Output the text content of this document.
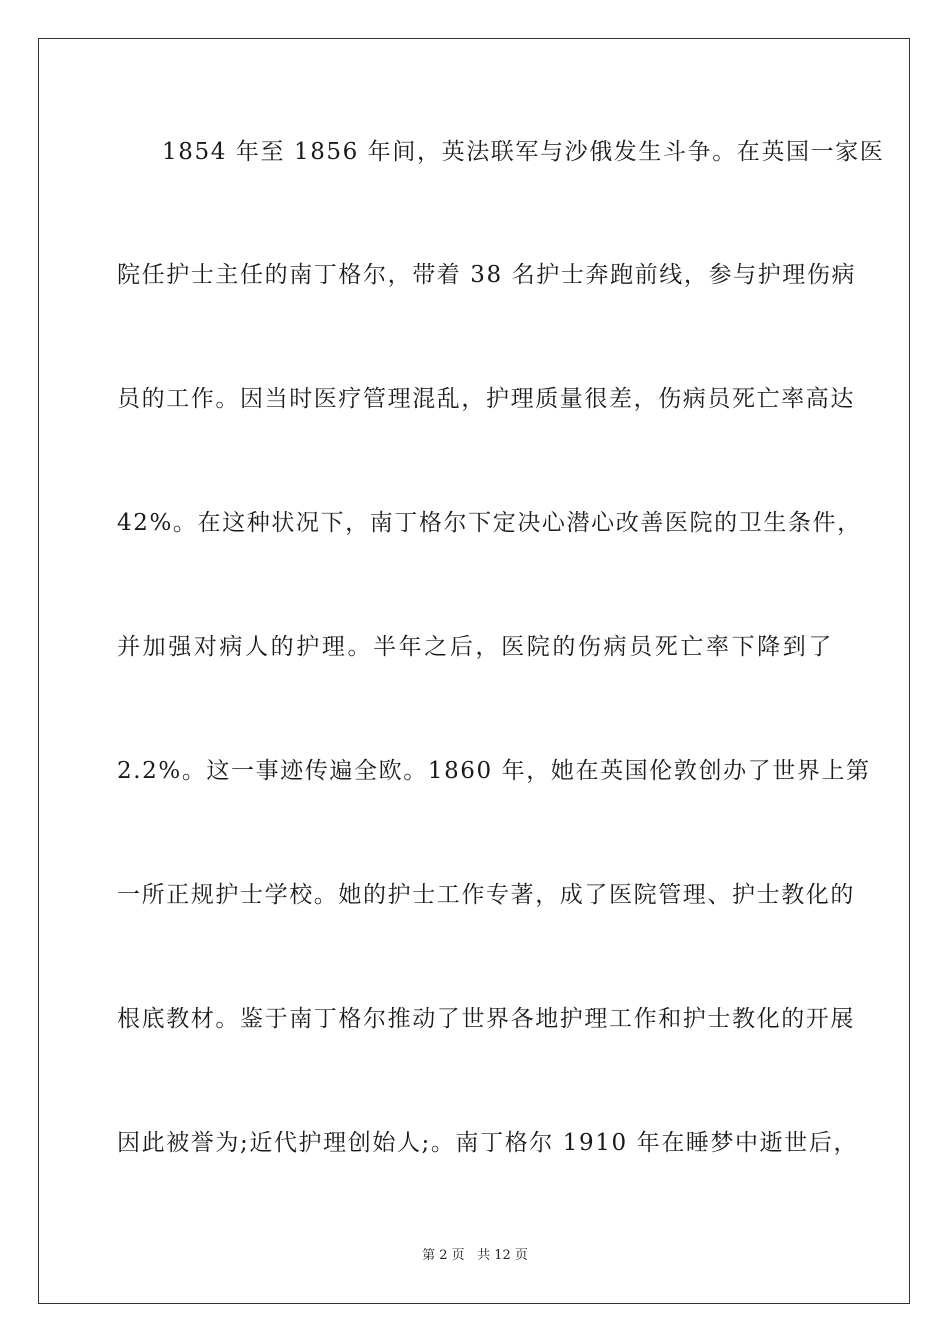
1854 年至 1856 年间，英法联军与沙俄发生斗争。在英国一家医
院任护士主任的南丁格尔，带着 38 名护士奔跑前线，参与护理伤病
员的工作。因当时医疗管理混乱，护理质量很差，伤病员死亡率高达
42%。在这种状况下，南丁格尔下定决心潜心改善医院的卫生条件，
并加强对病人的护理。半年之后，医院的伤病员死亡率下降到了
2.2%。这一事迹传遍全欧。1860 年，她在英国伦敦创办了世界上第
一所正规护士学校。她的护士工作专著，成了医院管理、护士教化的
根底教材。鉴于南丁格尔推动了世界各地护理工作和护士教化的开展
因此被誉为;近代护理创始人;。南丁格尔 1910 年在睡梦中逝世后，
第 2 页 共 12 页
